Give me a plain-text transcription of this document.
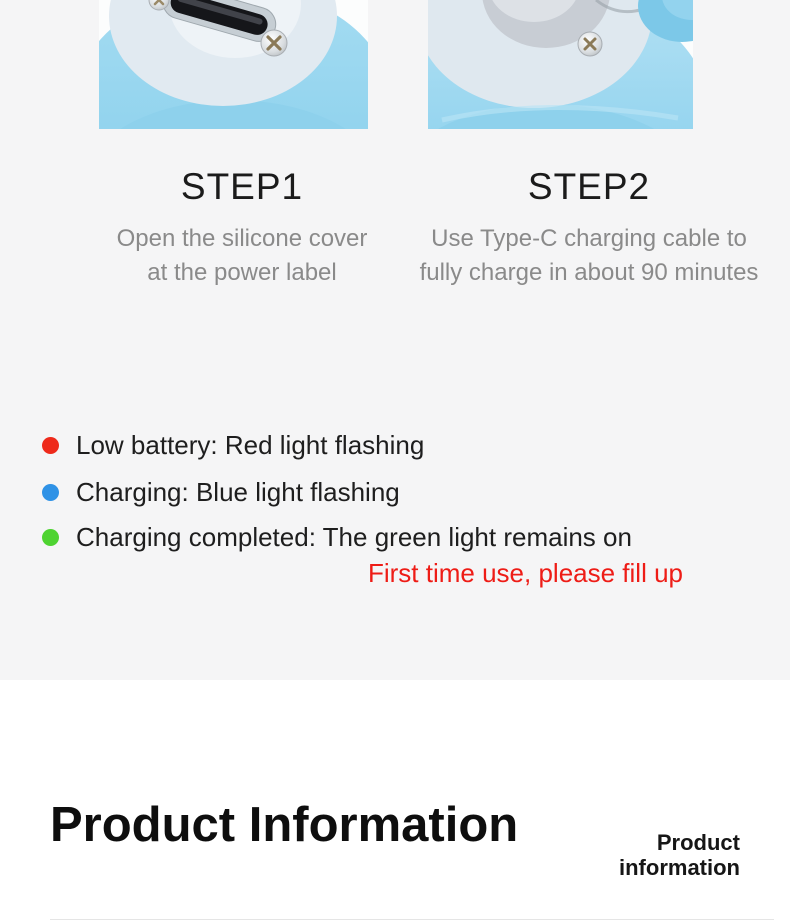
STEP1

Open the silicone cover
at the power label

STEP2

Use Type-C charging cable to
fully charge in about 90 minutes

Low battery: Red light flashing
Charging: Blue light flashing
Charging completed: The green light remains on

First time use, please fill up

Product Information	Product
information
